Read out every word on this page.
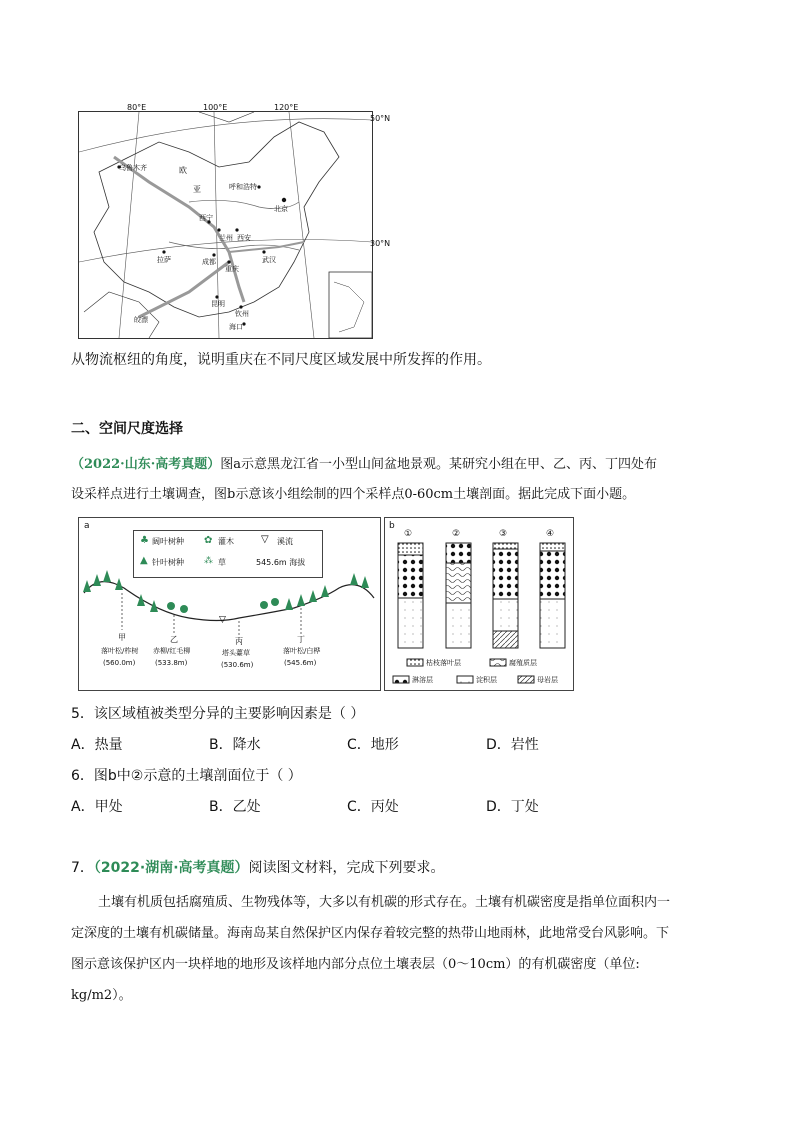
80°E	100°E	120°E
50°N
30°N
乌鲁木齐
呼和浩特
北京
西宁
兰州 西安
拉萨	成都
重庆
武汉
昆明
钦州
海口
皎漂
欧
亚
从物流枢纽的角度，说明重庆在不同尺度区域发展中所发挥的作用。
二、空间尺度选择
（2022·山东·高考真题）图a示意黑龙江省一小型山间盆地景观。某研究小组在甲、乙、丙、丁四处布
设采样点进行土壤调查，图b示意该小组绘制的四个采样点0-60cm土壤剖面。据此完成下面小题。
a
♣ 阔叶树种 ✿ 灌木	▽ 溪流
▲ 针叶树种 ⁂ 草	545.6m 海拔
▽
甲
落叶松/柞树
(560.0m)
乙
赤柳/红毛柳
(533.8m)
丙
塔头薹草
(530.6m)
丁
落叶松/白桦
(545.6m)
b
①	②	③	④
枯枝落叶层	腐殖质层
淋溶层	淀积层	母岩层
5．该区域植被类型分异的主要影响因素是（ ）
A．热量	B．降水	C．地形	D．岩性
6．图b中②示意的土壤剖面位于（ ）
A．甲处	B．乙处	C．丙处	D．丁处
7．（2022·湖南·高考真题）阅读图文材料，完成下列要求。
土壤有机质包括腐殖质、生物残体等，大多以有机碳的形式存在。土壤有机碳密度是指单位面积内一
定深度的土壤有机碳储量。海南岛某自然保护区内保存着较完整的热带山地雨林，此地常受台风影响。下
图示意该保护区内一块样地的地形及该样地内部分点位土壤表层（0～10cm）的有机碳密度（单位:
kg/m2）。
